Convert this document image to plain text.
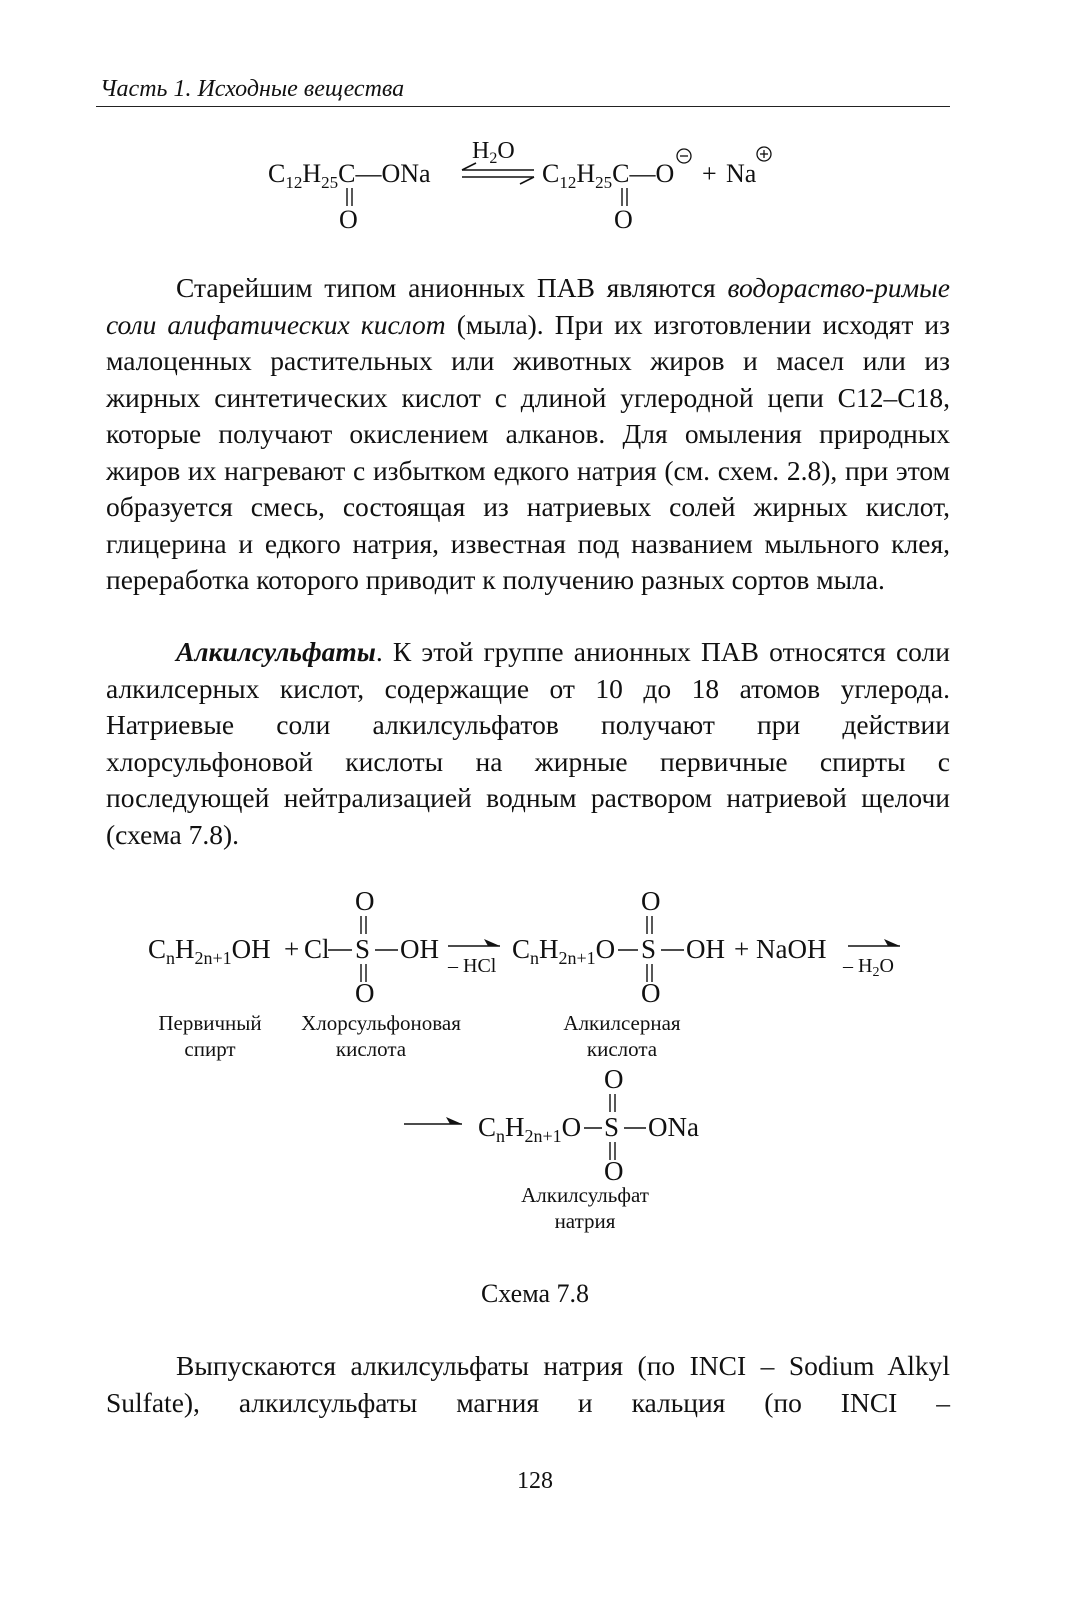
Часть 1. Исходные вещества
$C_{12}H_{25}C—ONa$
O
$H_2O$
$C_{12}H_{25}C—O$
O
+ Na
Старейшим типом анионных ПАВ являются водораство-римые соли алифатических кислот (мыла). При их изготовлении исходят из малоценных растительных или животных жиров и масел или из жирных синтетических кислот с длиной углеродной цепи C12–C18, которые получают окислением алканов. Для омыления природных жиров их нагревают с избытком едкого натрия (см. схем. 2.8), при этом образуется смесь, состоящая из натриевых солей жирных кислот, глицерина и едкого натрия, известная под названием мыльного клея, переработка которого приводит к получению разных сортов мыла.
Алкилсульфаты. К этой группе анионных ПАВ относятся соли алкилсерных кислот, содержащие от 10 до 18 атомов углерода. Натриевые соли алкилсульфатов получают при действии хлорсульфоновой кислоты на жирные первичные спирты с последующей нейтрализацией водным раствором натриевой щелочи (схема 7.8).
$C_nH_{2n+1}OH + Cl$ S
O
O
OH
– HCl
$C_nH_{2n+1}O$ S
O
O
OH + NaOH
– $H_2O$
Первичный
спирт
Хлорсульфоновая
кислота
Алкилсерная
кислота
$C_nH_{2n+1}O$ S
O
O
ONa
Алкилсульфат
натрия
Схема 7.8
Выпускаются алкилсульфаты натрия (по INCI – Sodium Alkyl Sulfate), алкилсульфаты магния и кальция (по INCI –
128
